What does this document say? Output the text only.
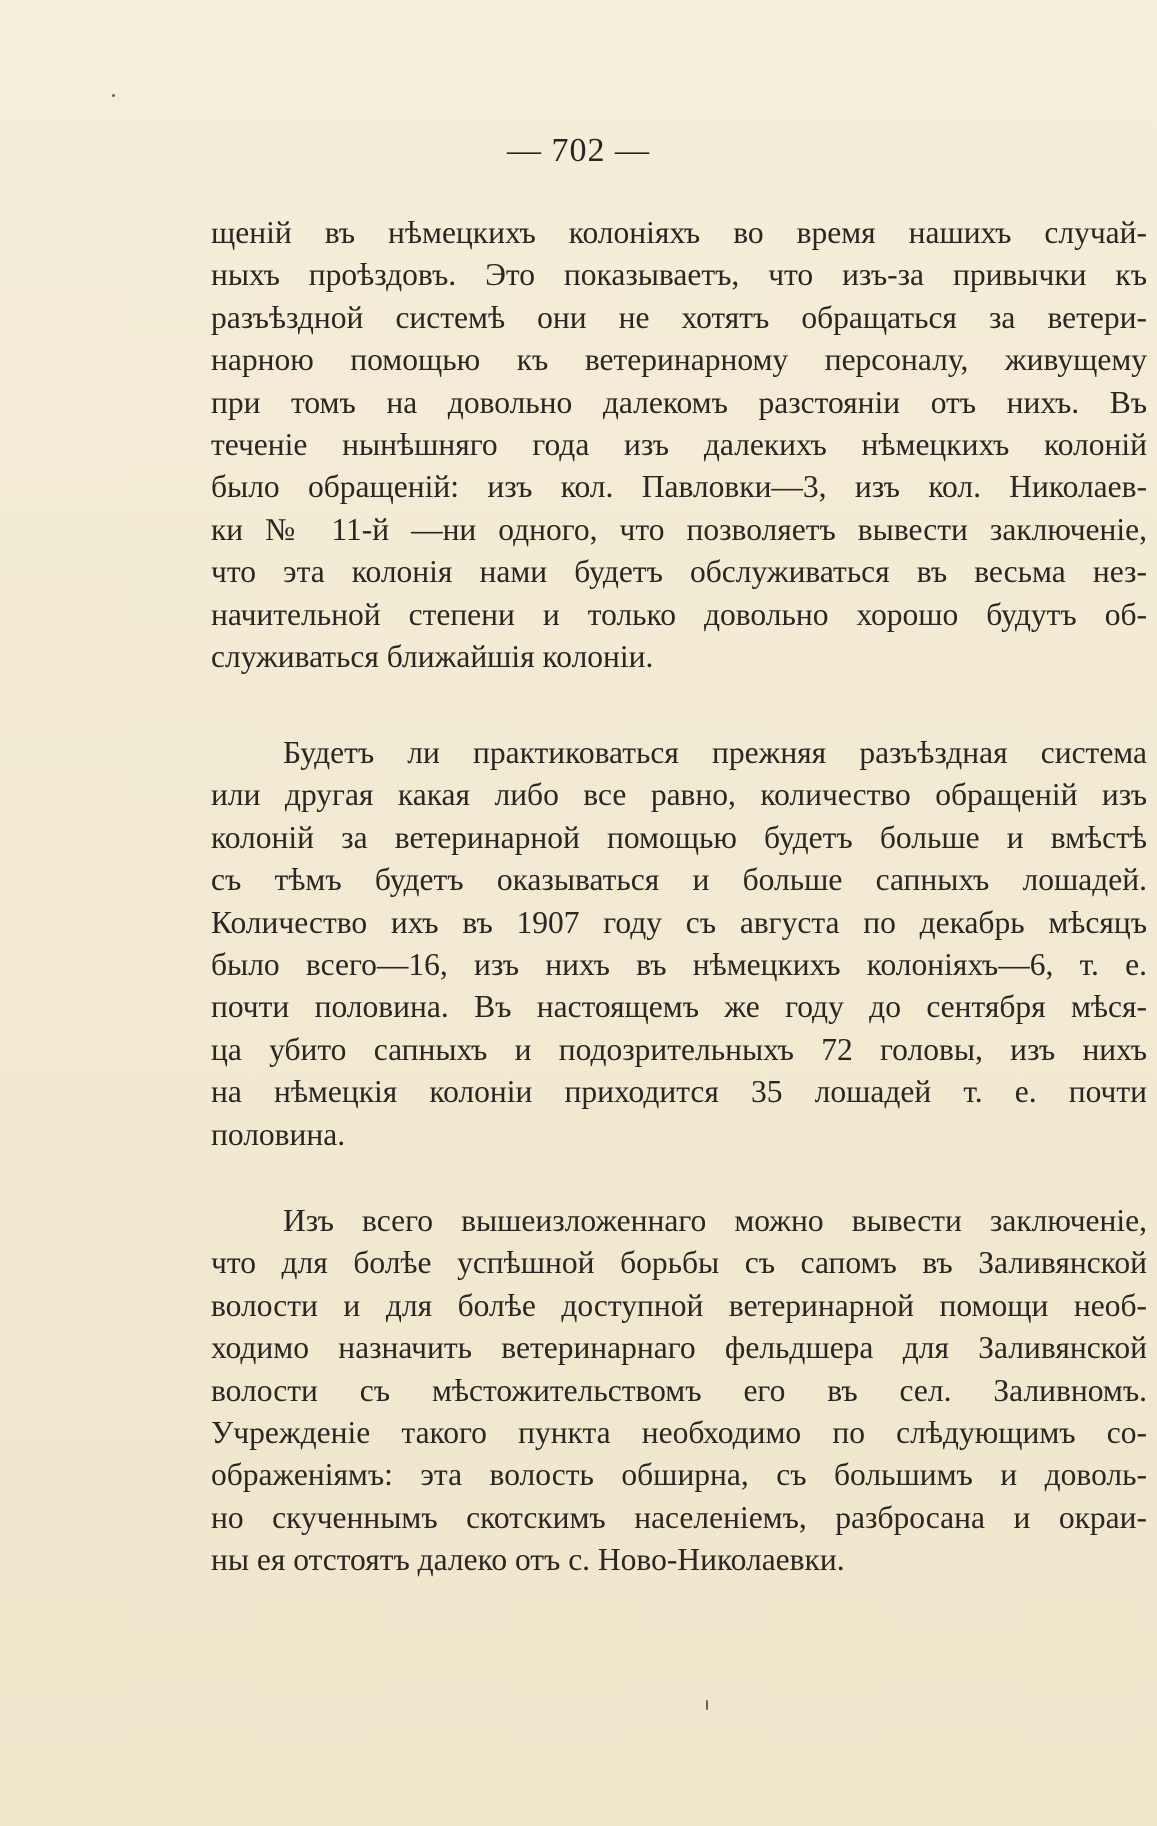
— 702 —
щеній въ нѣмецкихъ колоніяхъ во время нашихъ случай-
ныхъ проѣздовъ. Это показываетъ, что изъ-за привычки къ
разъѣздной системѣ они не хотятъ обращаться за ветери-
нарною помощью къ ветеринарному персоналу, живущему
при томъ на довольно далекомъ разстояніи отъ нихъ. Въ
теченіе нынѣшняго года изъ далекихъ нѣмецкихъ колоній
было обращеній: изъ кол. Павловки—3, изъ кол. Николаев-
ки № 11-й —ни одного, что позволяетъ вывести заключеніе,
что эта колонія нами будетъ обслуживаться въ весьма нез-
начительной степени и только довольно хорошо будутъ об-
служиваться ближайшія колоніи.
Будетъ ли практиковаться прежняя разъѣздная система
или другая какая либо все равно, количество обращеній изъ
колоній за ветеринарной помощью будетъ больше и вмѣстѣ
съ тѣмъ будетъ оказываться и больше сапныхъ лошадей.
Количество ихъ въ 1907 году съ августа по декабрь мѣсяцъ
было всего—16, изъ нихъ въ нѣмецкихъ колоніяхъ—6, т. е.
почти половина. Въ настоящемъ же году до сентября мѣся-
ца убито сапныхъ и подозрительныхъ 72 головы, изъ нихъ
на нѣмецкія колоніи приходится 35 лошадей т. е. почти
половина.
Изъ всего вышеизложеннаго можно вывести заключеніе,
что для болѣе успѣшной борьбы съ сапомъ въ Заливянской
волости и для болѣе доступной ветеринарной помощи необ-
ходимо назначить ветеринарнаго фельдшера для Заливянской
волости съ мѣстожительствомъ его въ сел. Заливномъ.
Учрежденіе такого пункта необходимо по слѣдующимъ со-
ображеніямъ: эта волость обширна, съ большимъ и доволь-
но скученнымъ скотскимъ населеніемъ, разбросана и окраи-
ны ея отстоятъ далеко отъ с. Ново-Николаевки.
